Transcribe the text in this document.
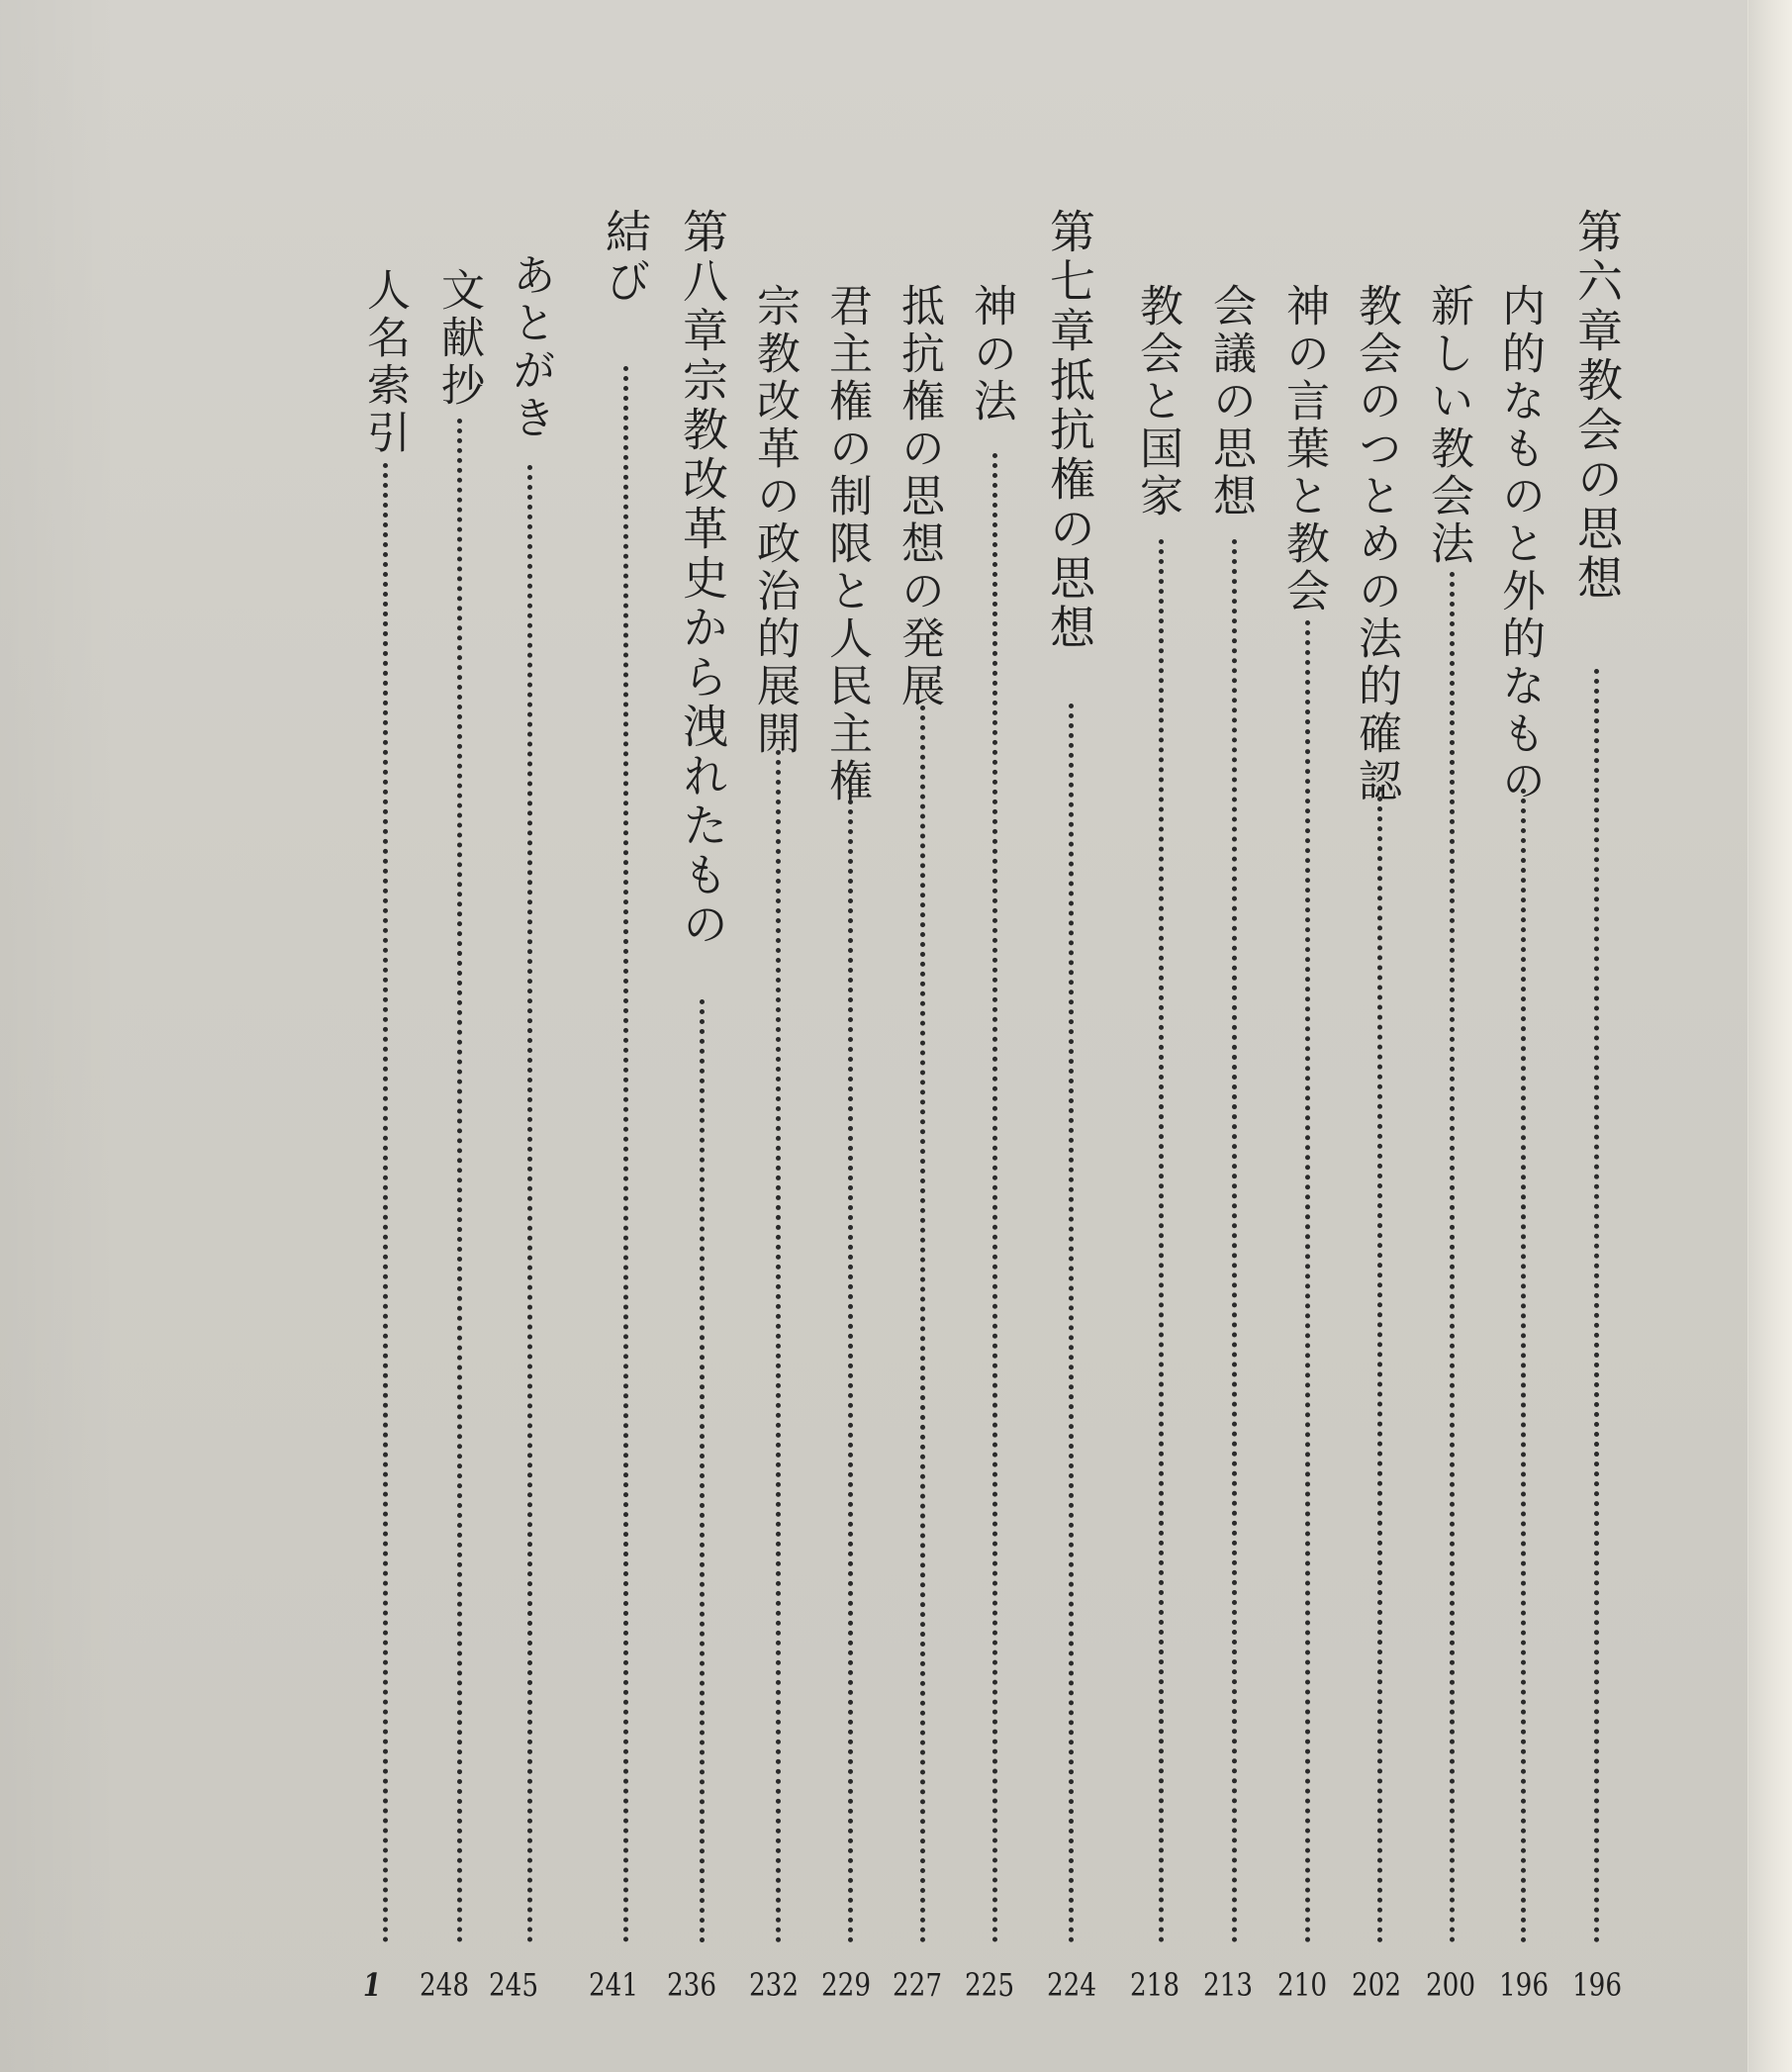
第六章教会の思想
196
内的なものと外的なもの
196
新しい教会法
200
教会のつとめの法的確認
202
神の言葉と教会
210
会議の思想
213
教会と国家
218
第七章抵抗権の思想
224
神の法
225
抵抗権の思想の発展
227
君主権の制限と人民主権
229
宗教改革の政治的展開
232
第八章宗教改革史から洩れたもの
236
結び
241
あとがき
245
文献抄
248
人名索引
1
